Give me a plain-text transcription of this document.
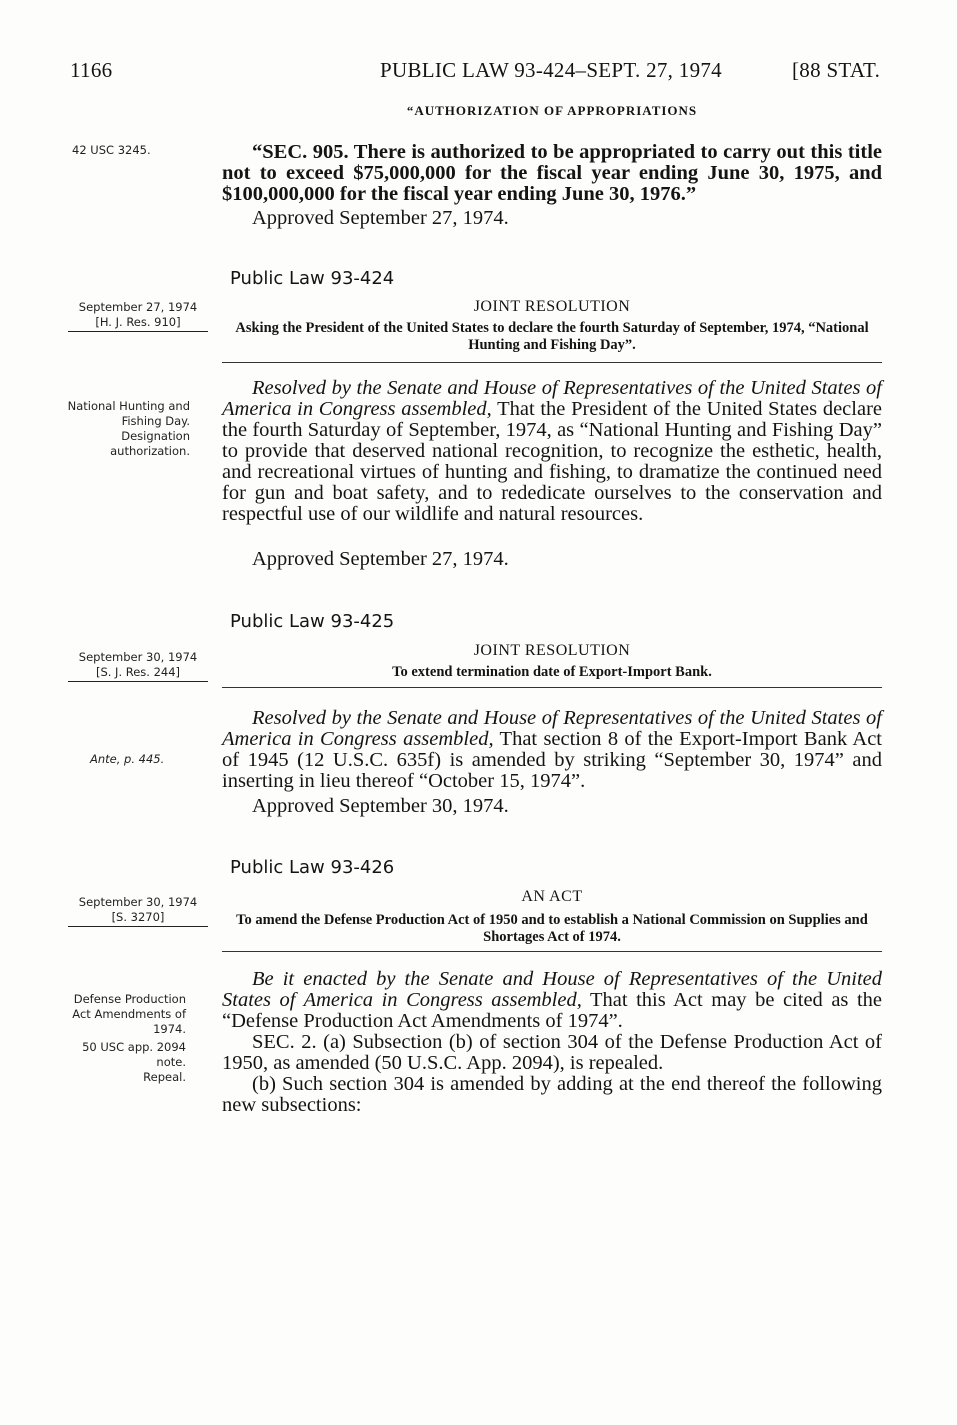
1166	PUBLIC LAW 93-424–SEPT. 27, 1974	[88 STAT.
“AUTHORIZATION OF APPROPRIATIONS
42 USC 3245.	“SEC. 905. There is authorized to be appropriated to carry out this title not to exceed $75,000,000 for the fiscal year ending June 30, 1975, and $100,000,000 for the fiscal year ending June 30, 1976.”

Approved September 27, 1974.
Public Law 93-424
September 27, 1974
[H. J. Res. 910]
JOINT RESOLUTION
Asking the President of the United States to declare the fourth Saturday of September, 1974, “National Hunting and Fishing Day”.
National Hunting and Fishing Day.
Designation authorization.

Resolved by the Senate and House of Representatives of the United States of America in Congress assembled, That the President of the United States declare the fourth Saturday of September, 1974, as “National Hunting and Fishing Day” to provide that deserved national recognition, to recognize the esthetic, health, and recreational virtues of hunting and fishing, to dramatize the continued need for gun and boat safety, and to rededicate ourselves to the conservation and respectful use of our wildlife and natural resources.

Approved September 27, 1974.
Public Law 93-425
September 30, 1974
[S. J. Res. 244]
JOINT RESOLUTION
To extend termination date of Export-Import Bank.
Ante, p. 445.

Resolved by the Senate and House of Representatives of the United States of America in Congress assembled, That section 8 of the Export-Import Bank Act of 1945 (12 U.S.C. 635f) is amended by striking “September 30, 1974” and inserting in lieu thereof “October 15, 1974”.

Approved September 30, 1974.
Public Law 93-426
September 30, 1974
[S. 3270]
AN ACT
To amend the Defense Production Act of 1950 and to establish a National Commission on Supplies and Shortages Act of 1974.
Defense Production Act Amendments of 1974.
50 USC app. 2094 note.
Repeal.

Be it enacted by the Senate and House of Representatives of the United States of America in Congress assembled, That this Act may be cited as the “Defense Production Act Amendments of 1974”.

SEC. 2. (a) Subsection (b) of section 304 of the Defense Production Act of 1950, as amended (50 U.S.C. App. 2094), is repealed.

(b) Such section 304 is amended by adding at the end thereof the following new subsections:
